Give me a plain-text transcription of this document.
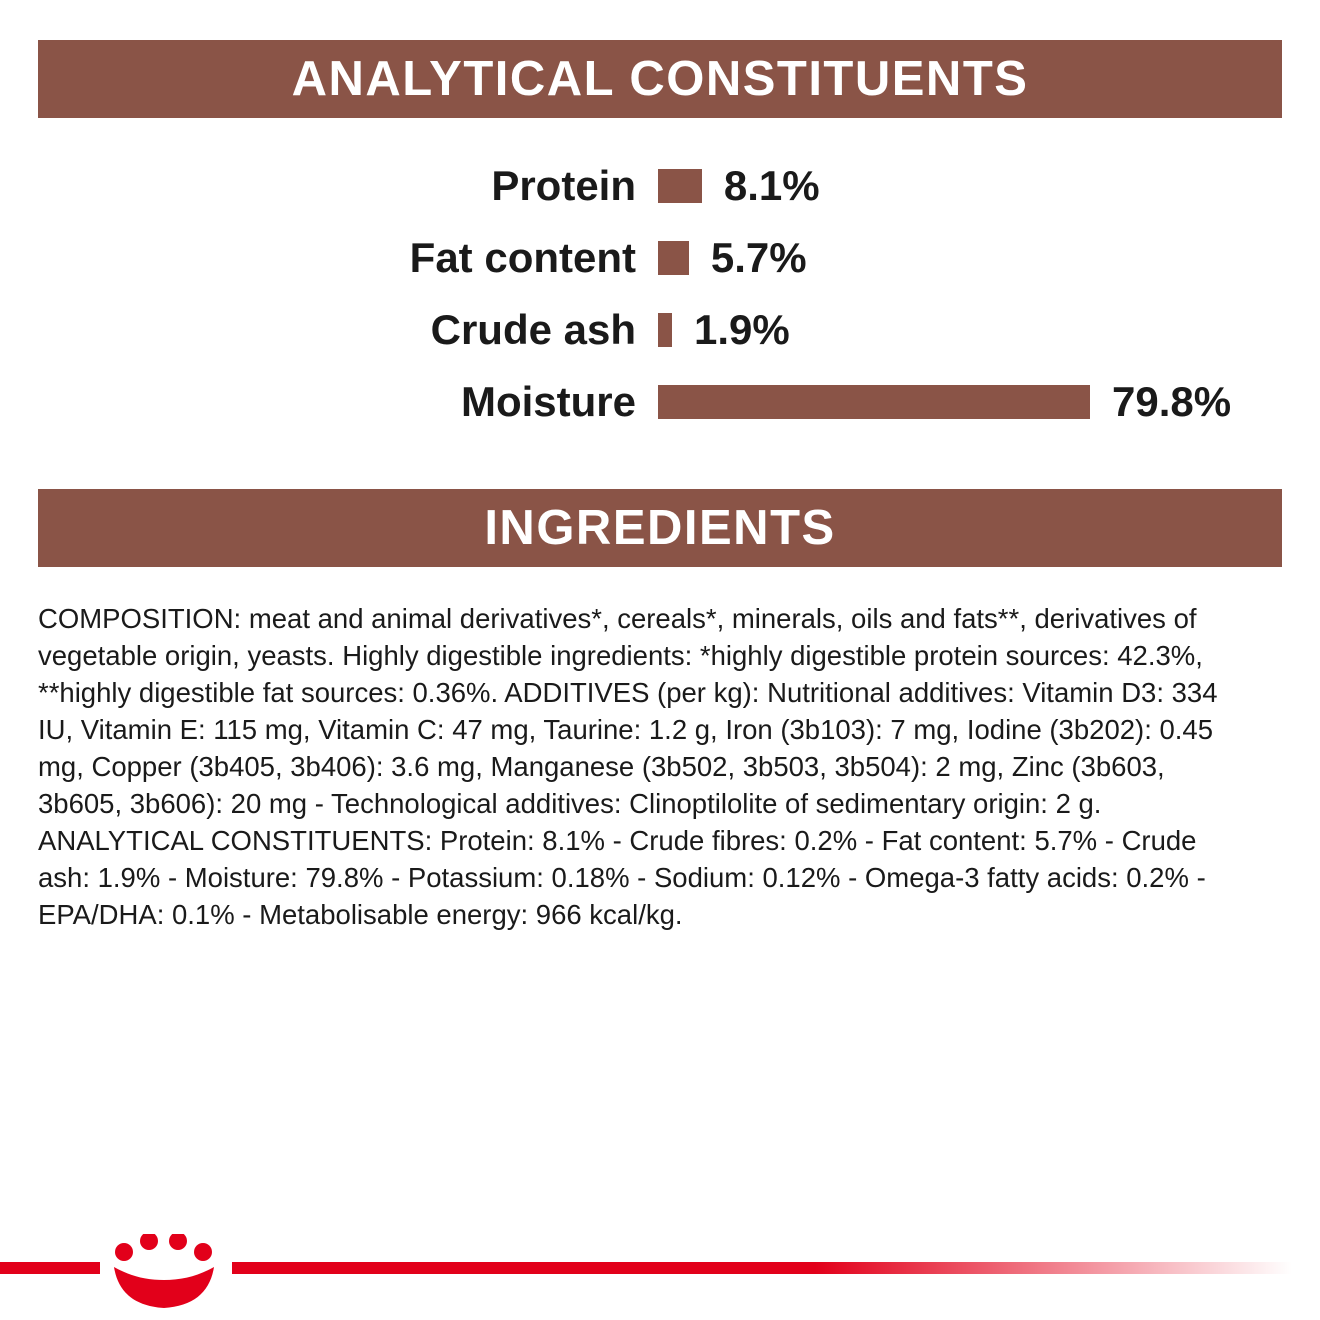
ANALYTICAL CONSTITUENTS
Protein	8.1%
Fat content	5.7%
Crude ash	1.9%
Moisture	79.8%
INGREDIENTS
COMPOSITION: meat and animal derivatives*, cereals*, minerals, oils and fats**, derivatives of vegetable origin, yeasts. Highly digestible ingredients: *highly digestible protein sources: 42.3%, **highly digestible fat sources: 0.36%. ADDITIVES (per kg): Nutritional additives: Vitamin D3: 334 IU, Vitamin E: 115 mg, Vitamin C: 47 mg, Taurine: 1.2 g, Iron (3b103): 7 mg, Iodine (3b202): 0.45 mg, Copper (3b405, 3b406): 3.6 mg, Manganese (3b502, 3b503, 3b504): 2 mg, Zinc (3b603, 3b605, 3b606): 20 mg - Technological additives: Clinoptilolite of sedimentary origin: 2 g. ANALYTICAL CONSTITUENTS: Protein: 8.1% - Crude fibres: 0.2% - Fat content: 5.7% - Crude ash: 1.9% - Moisture: 79.8% - Potassium: 0.18% - Sodium: 0.12% - Omega-3 fatty acids: 0.2% - EPA/DHA: 0.1% - Metabolisable energy: 966 kcal/kg.
